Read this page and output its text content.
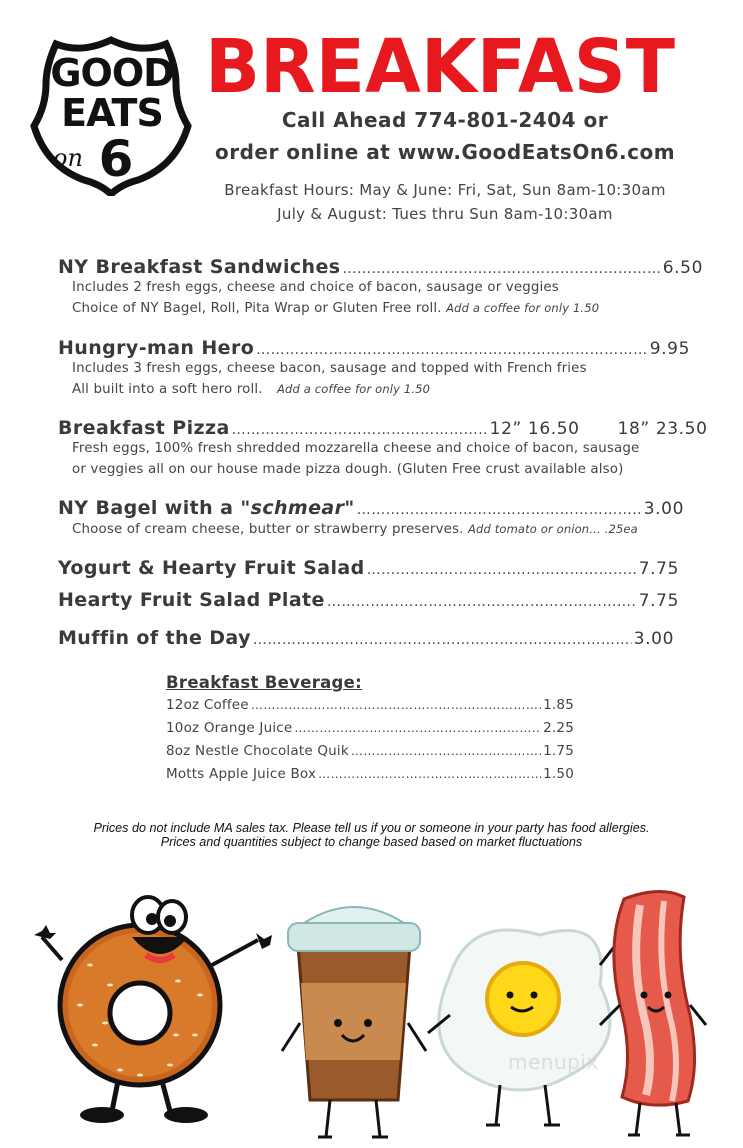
GOOD
EATS
on 6
BREAKFAST
Call Ahead 774-801-2404 or
order online at www.GoodEatsOn6.com
Breakfast Hours: May & June: Fri, Sat, Sun 8am-10:30am
July & August: Tues thru Sun 8am-10:30am
NY Breakfast Sandwiches ……………………………………………………………………………………………………………………………………………	6.50
Includes 2 fresh eggs, cheese and choice of bacon, sausage or veggies
Choice of NY Bagel, Roll, Pita Wrap or Gluten Free roll. Add a coffee for only 1.50
Hungry-man Hero ……………………………………………………………………………………………………………………………………………	9.95
Includes 3 fresh eggs, cheese bacon, sausage and topped with French fries
All built into a soft hero roll. Add a coffee for only 1.50
Breakfast Pizza ……………………………………………………………………………………………………………………………………………	12” 16.50 18” 23.50
Fresh eggs, 100% fresh shredded mozzarella cheese and choice of bacon, sausage
or veggies all on our house made pizza dough. (Gluten Free crust available also)
NY Bagel with a "schmear" ……………………………………………………………………………………………………………………………………………	3.00
Choose of cream cheese, butter or strawberry preserves. Add tomato or onion… .25ea
Yogurt & Hearty Fruit Salad ……………………………………………………………………………………………………………………………………………	7.75
Hearty Fruit Salad Plate ……………………………………………………………………………………………………………………………………………	7.75
Muffin of the Day ……………………………………………………………………………………………………………………………………………	3.00
Breakfast Beverage:
12oz Coffee ……………………………………………………………………………………………………………………………………………	1.85
10oz Orange Juice ……………………………………………………………………………………………………………………………………………	2.25
8oz Nestle Chocolate Quik ……………………………………………………………………………………………………………………………………………	1.75
Motts Apple Juice Box ……………………………………………………………………………………………………………………………………………	1.50
Prices do not include MA sales tax. Please tell us if you or someone in your party has food allergies.
Prices and quantities subject to change based based on market fluctuations
menupix
